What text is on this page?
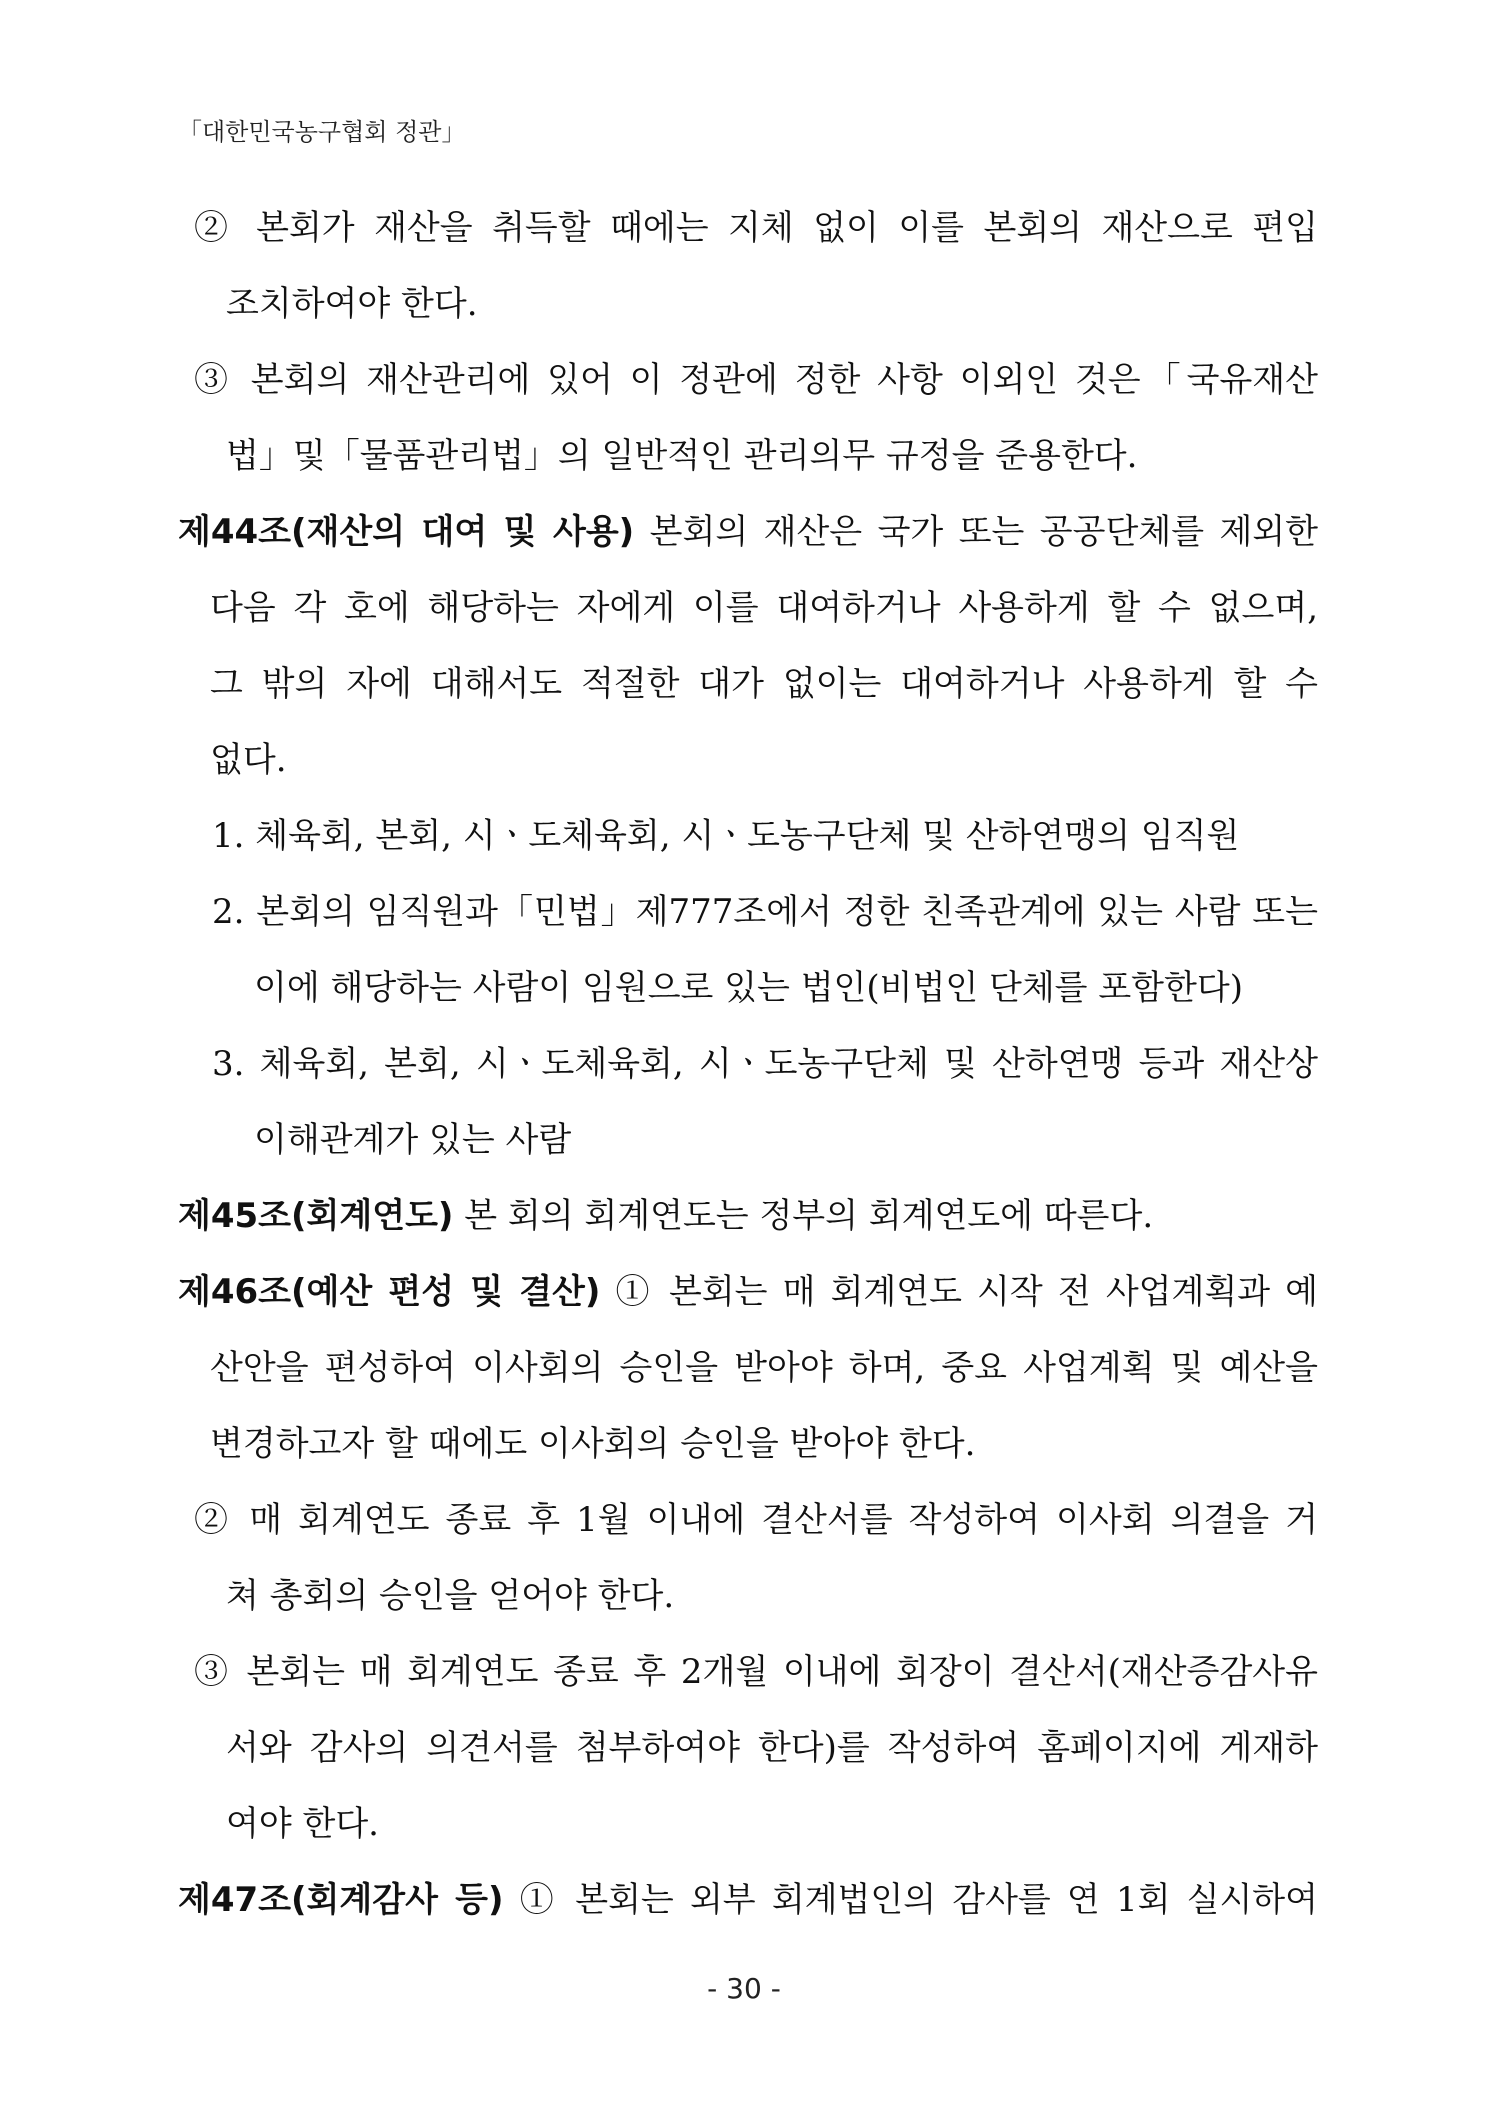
「대한민국농구협회 정관」
② 본회가 재산을 취득할 때에는 지체 없이 이를 본회의 재산으로 편입
조치하여야 한다.
③ 본회의 재산관리에 있어 이 정관에 정한 사항 이외인 것은「국유재산
법」및「물품관리법」의 일반적인 관리의무 규정을 준용한다.
제44조(재산의 대여 및 사용) 본회의 재산은 국가 또는 공공단체를 제외한
다음 각 호에 해당하는 자에게 이를 대여하거나 사용하게 할 수 없으며,
그 밖의 자에 대해서도 적절한 대가 없이는 대여하거나 사용하게 할 수
없다.
1. 체육회, 본회, 시ㆍ도체육회, 시ㆍ도농구단체 및 산하연맹의 임직원
2. 본회의 임직원과「민법」제777조에서 정한 친족관계에 있는 사람 또는
이에 해당하는 사람이 임원으로 있는 법인(비법인 단체를 포함한다)
3. 체육회, 본회, 시ㆍ도체육회, 시ㆍ도농구단체 및 산하연맹 등과 재산상
이해관계가 있는 사람
제45조(회계연도) 본 회의 회계연도는 정부의 회계연도에 따른다.
제46조(예산 편성 및 결산) ① 본회는 매 회계연도 시작 전 사업계획과 예
산안을 편성하여 이사회의 승인을 받아야 하며, 중요 사업계획 및 예산을
변경하고자 할 때에도 이사회의 승인을 받아야 한다.
② 매 회계연도 종료 후 1월 이내에 결산서를 작성하여 이사회 의결을 거
쳐 총회의 승인을 얻어야 한다.
③ 본회는 매 회계연도 종료 후 2개월 이내에 회장이 결산서(재산증감사유
서와 감사의 의견서를 첨부하여야 한다)를 작성하여 홈페이지에 게재하
여야 한다.
제47조(회계감사 등) ① 본회는 외부 회계법인의 감사를 연 1회 실시하여
- 30 -
